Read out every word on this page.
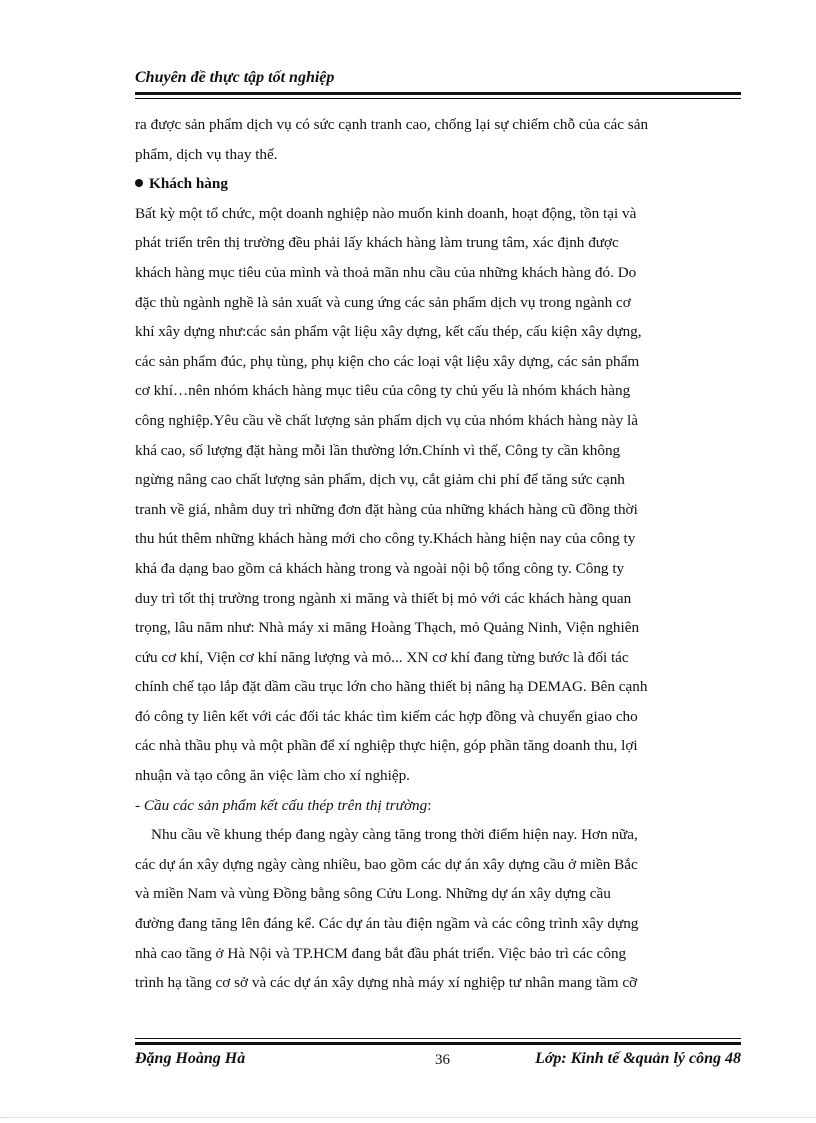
Chuyên đề thực tập tốt nghiệp
ra được sản phẩm dịch vụ có sức cạnh tranh cao, chống lại sự chiếm chỗ của các sản
phẩm, dịch vụ thay thế.
Khách hàng
Bất kỳ một tổ chức, một doanh nghiệp nào muốn kinh doanh, hoạt động, tồn tại và
phát triển trên thị trường đều phải lấy khách hàng làm trung tâm, xác định được
khách hàng mục tiêu của mình và thoả mãn nhu cầu của những khách hàng đó. Do
đặc thù ngành nghề là sản xuất và cung ứng các sản phẩm dịch vụ trong ngành cơ
khí xây dựng như:các sản phẩm vật liệu xây dựng, kết cấu thép, cấu kiện xây dựng,
các sản phẩm đúc, phụ tùng, phụ kiện cho các loại vật liệu xây dựng, các sản phẩm
cơ khí…nên nhóm khách hàng mục tiêu của công ty chủ yếu là nhóm khách hàng
công nghiệp.Yêu cầu về chất lượng sản phẩm dịch vụ của nhóm khách hàng này là
khá cao, số lượng đặt hàng mỗi lần thường lớn.Chính vì thế, Công ty cần không
ngừng nâng cao chất lượng sản phẩm, dịch vụ, cắt giảm chi phí để tăng sức cạnh
tranh về giá, nhằm duy trì những đơn đặt hàng của những khách hàng cũ đồng thời
thu hút thêm những khách hàng mới cho công ty.Khách hàng hiện nay của công ty
khá đa dạng bao gồm cả khách hàng trong và ngoài nội bộ tổng công ty. Công ty
duy trì tốt thị trường trong ngành xi măng và thiết bị mỏ với các khách hàng quan
trọng, lâu năm như: Nhà máy xi măng Hoàng Thạch, mỏ Quảng Ninh, Viện nghiên
cứu cơ khí, Viện cơ khí năng lượng và mỏ... XN cơ khí đang từng bước là đối tác
chính chế tạo lắp đặt dầm cầu trục lớn cho hãng thiết bị nâng hạ DEMAG. Bên cạnh
đó công ty liên kết với các đối tác khác tìm kiếm các hợp đồng và chuyển giao cho
các nhà thầu phụ và một phần để xí nghiệp thực hiện, góp phần tăng doanh thu, lợi
nhuận và tạo công ăn việc làm cho xí nghiệp.
- Cầu các sản phẩm kết cấu thép trên thị trường:
Nhu cầu về khung thép đang ngày càng tăng trong thời điểm hiện nay. Hơn nữa,
các dự án xây dựng ngày càng nhiều, bao gồm các dự án xây dựng cầu ở miền Bắc
và miền Nam và vùng Đồng bằng sông Cửu Long. Những dự án xây dựng cầu
đường đang tăng lên đáng kể. Các dự án tàu điện ngầm và các công trình xây dựng
nhà cao tầng ở Hà Nội và TP.HCM đang bắt đầu phát triển. Việc bảo trì các công
trình hạ tầng cơ sở và các dự án xây dựng nhà máy xí nghiệp tư nhân mang tầm cỡ
Đặng Hoàng Hà	36	Lớp: Kinh tế &quản lý công 48
